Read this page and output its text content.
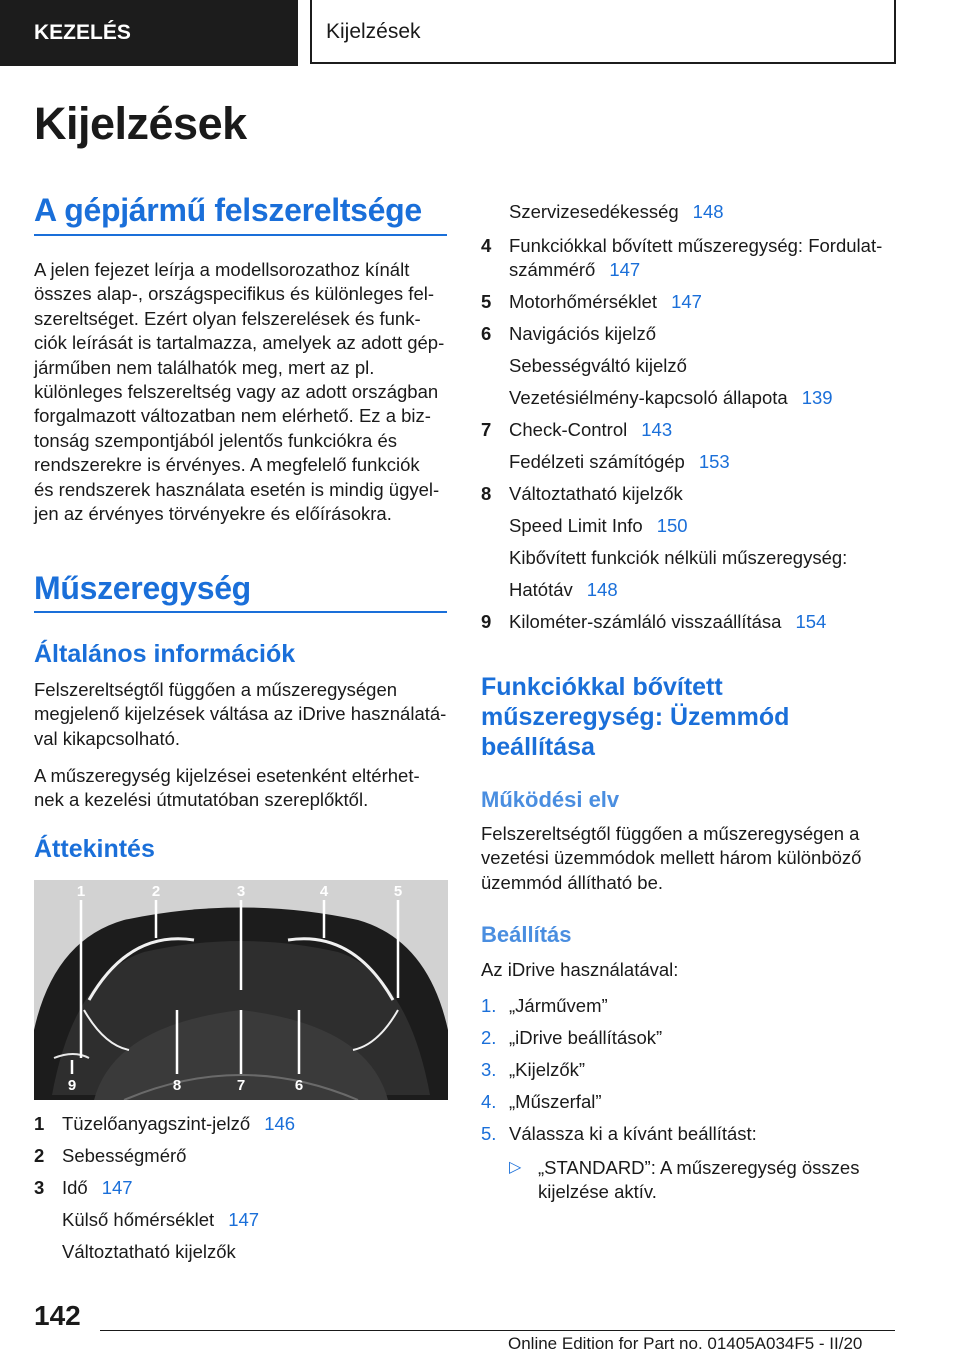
KEZELÉS	Kijelzések
Kijelzések
A gépjármű felszereltsége
A jelen fejezet leírja a modellsorozathoz kínált
összes alap-, országspecifikus és különleges fel-
szereltséget. Ezért olyan felszerelések és funk-
ciók leírását is tartalmazza, amelyek az adott gép-
járműben nem találhatók meg, mert az pl.
különleges felszereltség vagy az adott országban
forgalmazott változatban nem elérhető. Ez a biz-
tonság szempontjából jelentős funkciókra és
rendszerekre is érvényes. A megfelelő funkciók
és rendszerek használata esetén is mindig ügyel-
jen az érvényes törvényekre és előírásokra.
Műszeregység
Általános információk
Felszereltségtől függően a műszeregységen
megjelenő kijelzések váltása az iDrive használatá-
val kikapcsolható.
A műszeregység kijelzései esetenként eltérhet-
nek a kezelési útmutatóban szereplőktől.
Áttekintés
1	2	3	4	5
9	8	7	6
1 Tüzelőanyagszint-jelző 146
2 Sebességmérő
3 Idő 147
Külső hőmérséklet 147
Változtatható kijelzők
Szervizesedékesség 148
4 Funkciókkal bővített műszeregység: Fordulat-
számmérő 147
5 Motorhőmérséklet 147
6 Navigációs kijelző
Sebességváltó kijelző
Vezetésiélmény-kapcsoló állapota 139
7 Check-Control 143
Fedélzeti számítógép 153
8 Változtatható kijelzők
Speed Limit Info 150
Kibővített funkciók nélküli műszeregység:
Hatótáv 148
9 Kilométer-számláló visszaállítása 154
Funkciókkal bővített
műszeregység: Üzemmód
beállítása
Működési elv
Felszereltségtől függően a műszeregységen a
vezetési üzemmódok mellett három különböző
üzemmód állítható be.
Beállítás
Az iDrive használatával:
1. „Járművem”
2. „iDrive beállítások”
3. „Kijelzők”
4. „Műszerfal”
5. Válassza ki a kívánt beállítást:
▷ „STANDARD”: A műszeregység összes
kijelzése aktív.
142
Online Edition for Part no. 01405A034F5 - II/20
